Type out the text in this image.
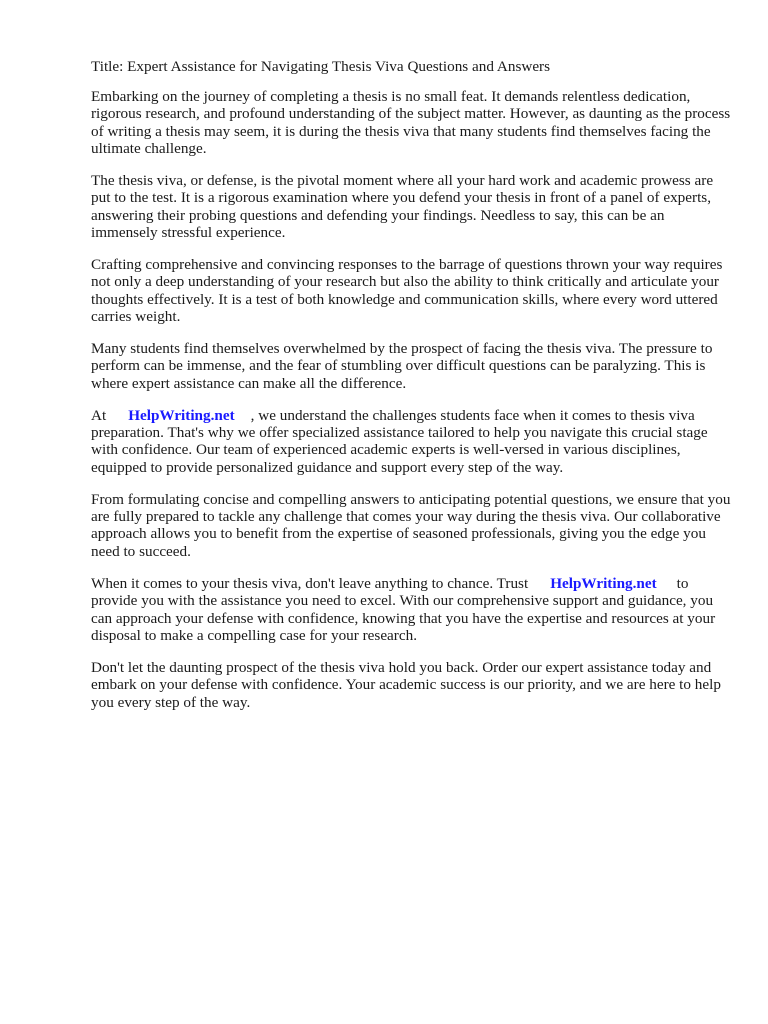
Title: Expert Assistance for Navigating Thesis Viva Questions and Answers

Embarking on the journey of completing a thesis is no small feat. It demands relentless dedication, rigorous research, and profound understanding of the subject matter. However, as daunting as the process of writing a thesis may seem, it is during the thesis viva that many students find themselves facing the ultimate challenge.

The thesis viva, or defense, is the pivotal moment where all your hard work and academic prowess are put to the test. It is a rigorous examination where you defend your thesis in front of a panel of experts, answering their probing questions and defending your findings. Needless to say, this can be an immensely stressful experience.

Crafting comprehensive and convincing responses to the barrage of questions thrown your way requires not only a deep understanding of your research but also the ability to think critically and articulate your thoughts effectively. It is a test of both knowledge and communication skills, where every word uttered carries weight.

Many students find themselves overwhelmed by the prospect of facing the thesis viva. The pressure to perform can be immense, and the fear of stumbling over difficult questions can be paralyzing. This is where expert assistance can make all the difference.

At HelpWriting.net , we understand the challenges students face when it comes to thesis viva preparation. That's why we offer specialized assistance tailored to help you navigate this crucial stage with confidence. Our team of experienced academic experts is well-versed in various disciplines, equipped to provide personalized guidance and support every step of the way.

From formulating concise and compelling answers to anticipating potential questions, we ensure that you are fully prepared to tackle any challenge that comes your way during the thesis viva. Our collaborative approach allows you to benefit from the expertise of seasoned professionals, giving you the edge you need to succeed.

When it comes to your thesis viva, don't leave anything to chance. Trust HelpWriting.net to provide you with the assistance you need to excel. With our comprehensive support and guidance, you can approach your defense with confidence, knowing that you have the expertise and resources at your disposal to make a compelling case for your research.

Don't let the daunting prospect of the thesis viva hold you back. Order our expert assistance today and embark on your defense with confidence. Your academic success is our priority, and we are here to help you every step of the way.
